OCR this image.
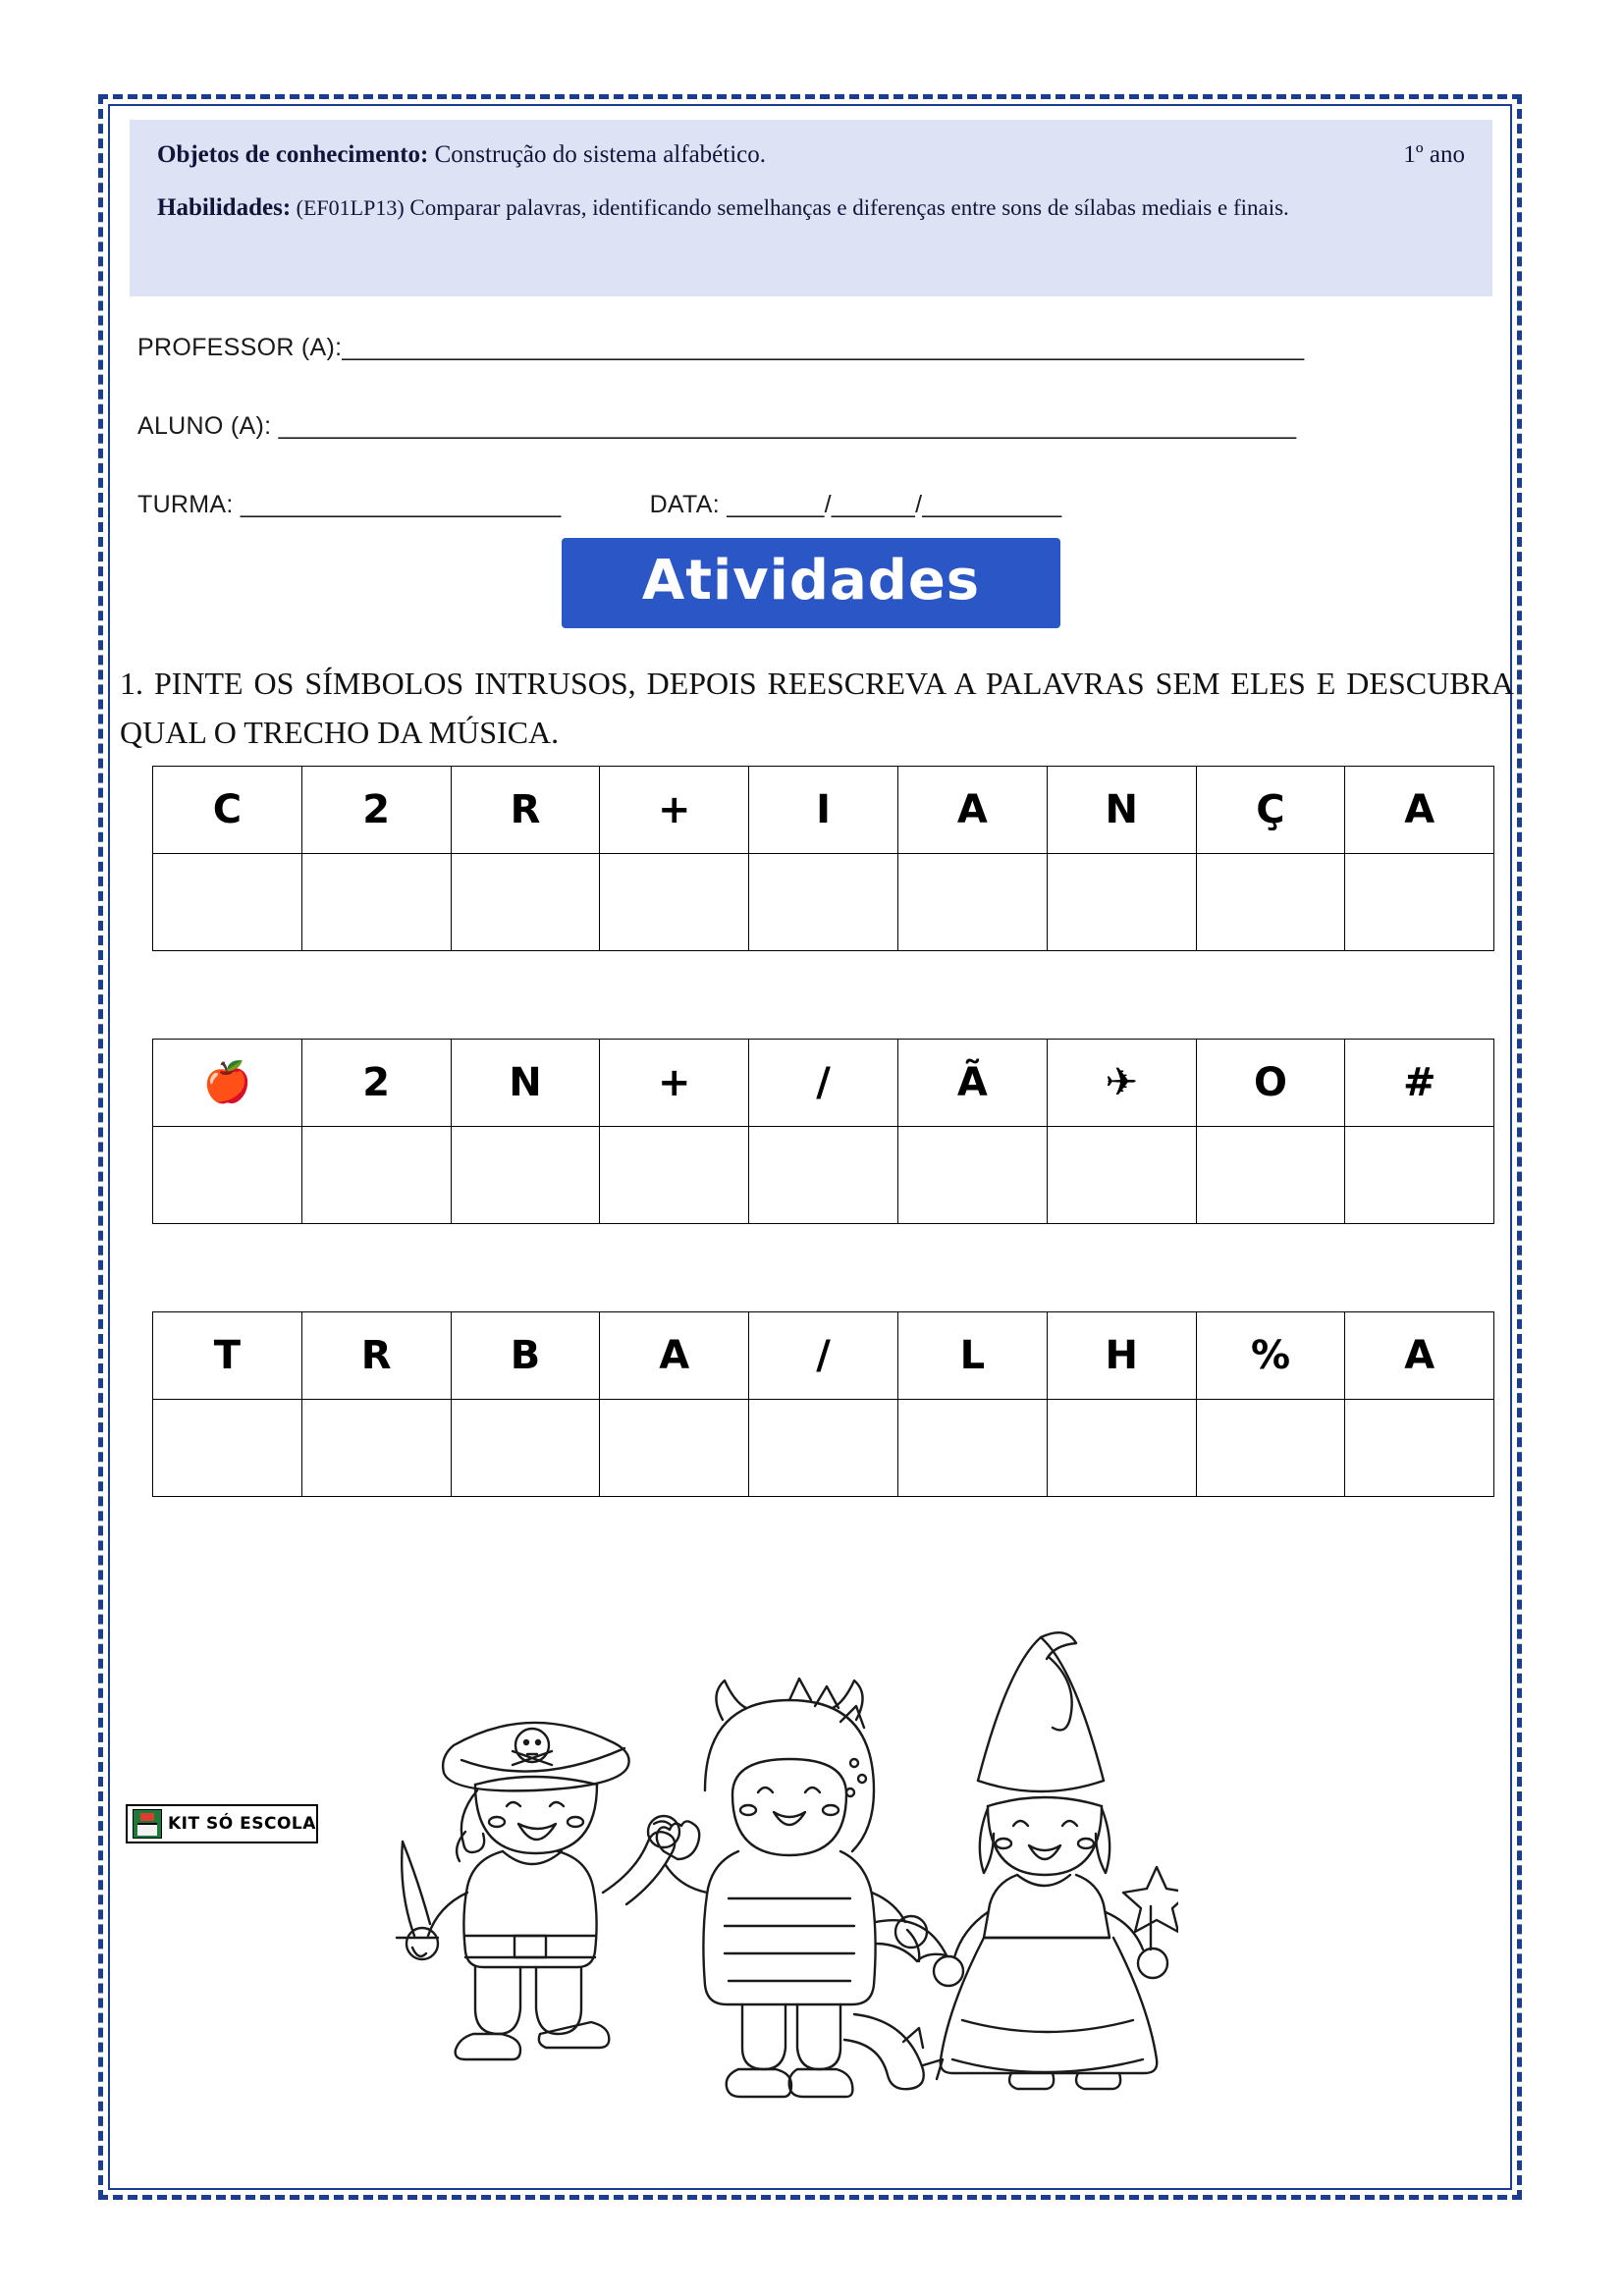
Objetos de conhecimento: Construção do sistema alfabético.	1º ano
Habilidades: (EF01LP13) Comparar palavras, identificando semelhanças e diferenças entre sons de sílabas mediais e finais.
PROFESSOR (A):_____________________________________________________________________
ALUNO (A): _________________________________________________________________________
TURMA: _______________________	DATA: _______/______/__________
Atividades
1. PINTE OS SÍMBOLOS INTRUSOS, DEPOIS REESCREVA A PALAVRAS SEM ELES E DESCUBRA QUAL O TRECHO DA MÚSICA.
C	2	R	+	I	A	N	Ç	A

🍎	2	N	+	/	Ã	✈	O	#

T	R	B	A	/	L	H	%	A

KIT SÓ ESCOLA
